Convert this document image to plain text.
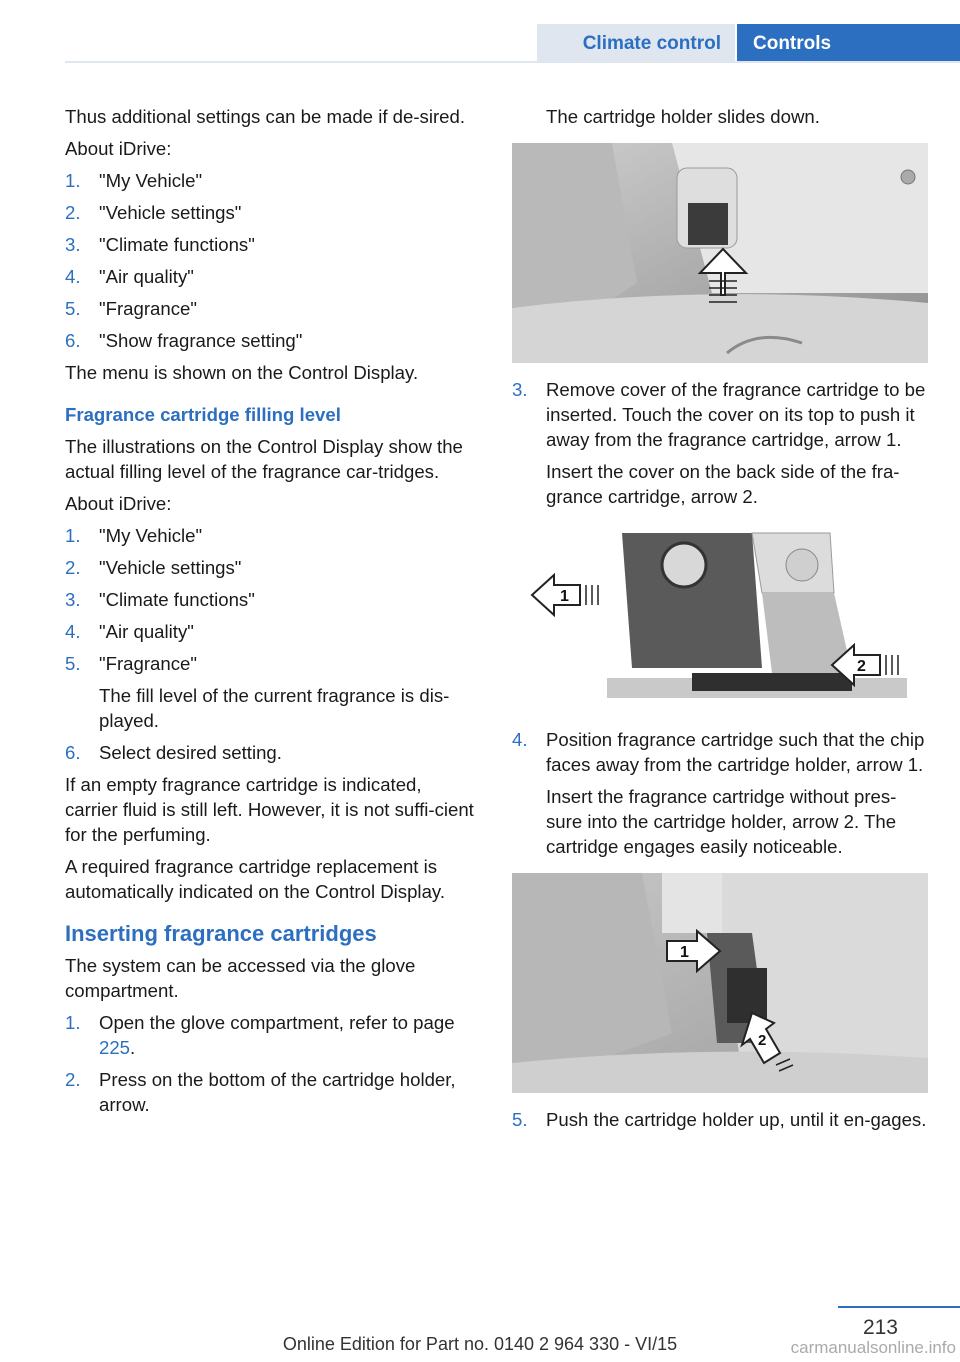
Climate control Controls

Thus additional settings can be made if de‐sired.

About iDrive:

1. "My Vehicle"
2. "Vehicle settings"
3. "Climate functions"
4. "Air quality"
5. "Fragrance"
6. "Show fragrance setting"

The menu is shown on the Control Display.

Fragrance cartridge filling level

The illustrations on the Control Display show the actual filling level of the fragrance car‐tridges.

About iDrive:

1. "My Vehicle"
2. "Vehicle settings"
3. "Climate functions"
4. "Air quality"
5. "Fragrance"

The fill level of the current fragrance is dis‐played.

6. Select desired setting.

If an empty fragrance cartridge is indicated, carrier fluid is still left. However, it is not suffi‐cient for the perfuming.

A required fragrance cartridge replacement is automatically indicated on the Control Display.

Inserting fragrance cartridges

The system can be accessed via the glove compartment.

1. Open the glove compartment, refer to page 225.
2. Press on the bottom of the cartridge holder, arrow.

The cartridge holder slides down.

3. Remove cover of the fragrance cartridge to be inserted. Touch the cover on its top to push it away from the fragrance cartridge, arrow 1.

Insert the cover on the back side of the fra‐grance cartridge, arrow 2.

1
2
4. Position fragrance cartridge such that the chip faces away from the cartridge holder, arrow 1.

Insert the fragrance cartridge without pres‐sure into the cartridge holder, arrow 2. The cartridge engages easily noticeable.

1
2
5. Push the cartridge holder up, until it en‐gages.
213
Online Edition for Part no. 0140 2 964 330 - VI/15	carmanualsonline.info
